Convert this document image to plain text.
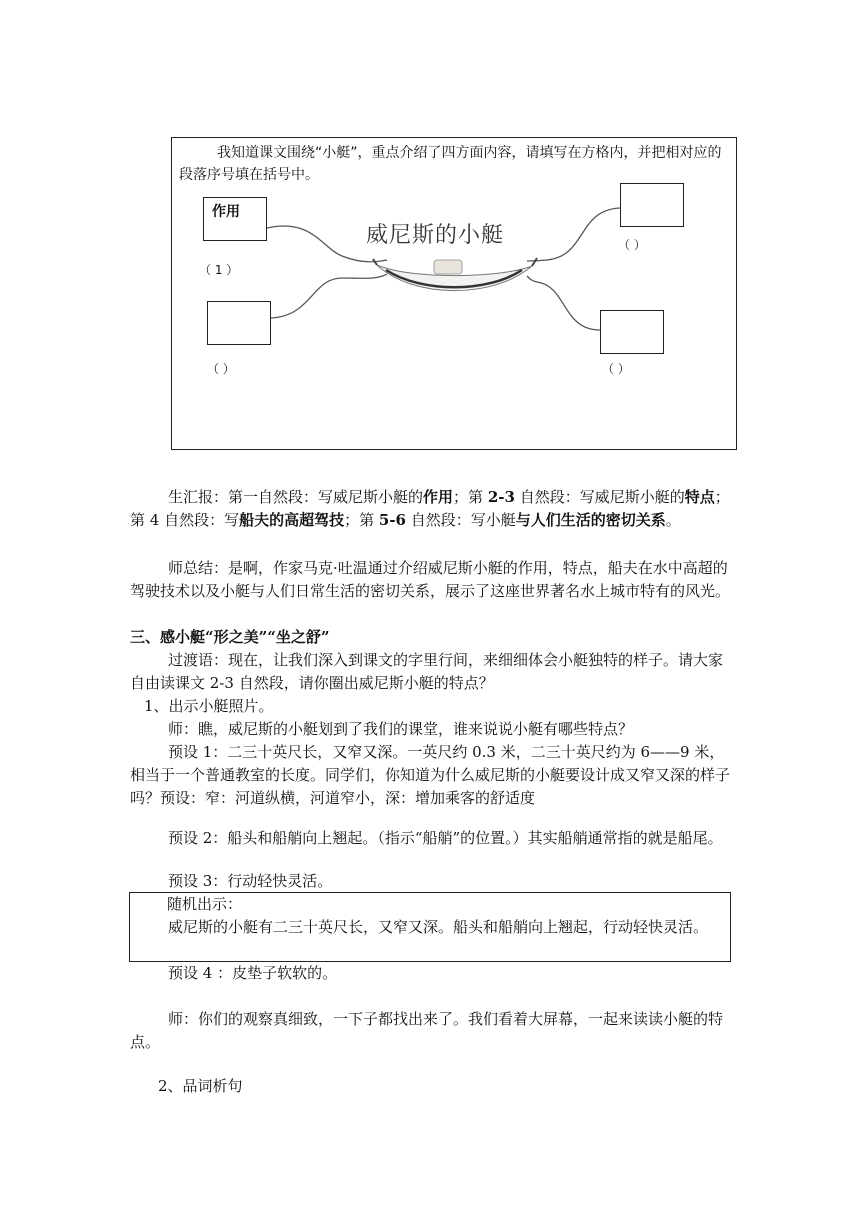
我知道课文围绕“小艇”，重点介绍了四方面内容，请填写在方格内，并把相对应的段落序号填在括号中。
威尼斯的小艇
作用
（ 1 ）
（ ）
（ ）
（ ）

生汇报：第一自然段：写威尼斯小艇的作用；第 2-3 自然段：写威尼斯小艇的特点；第 4 自然段：写船夫的高超驾技；第 5-6 自然段：写小艇与人们生活的密切关系。

师总结：是啊，作家马克·吐温通过介绍威尼斯小艇的作用，特点，船夫在水中高超的驾驶技术以及小艇与人们日常生活的密切关系，展示了这座世界著名水上城市特有的风光。

三、感小艇“形之美”“坐之舒”

过渡语：现在，让我们深入到课文的字里行间，来细细体会小艇独特的样子。请大家自由读课文 2-3 自然段，请你圈出威尼斯小艇的特点？

1、出示小艇照片。
师：瞧，威尼斯的小艇划到了我们的课堂，谁来说说小艇有哪些特点？

预设 1：二三十英尺长，又窄又深。一英尺约 0.3 米，二三十英尺约为 6——9 米，相当于一个普通教室的长度。同学们，你知道为什么威尼斯的小艇要设计成又窄又深的样子吗？预设：窄：河道纵横，河道窄小，深：增加乘客的舒适度

预设 2：船头和船艄向上翘起。（指示“船艄”的位置。）其实船艄通常指的就是船尾。

预设 3：行动轻快灵活。
随机出示：

威尼斯的小艇有二三十英尺长，又窄又深。船头和船艄向上翘起，行动轻快灵活。

预设 4 ：皮垫子软软的。

师：你们的观察真细致，一下子都找出来了。我们看着大屏幕，一起来读读小艇的特点。

2、品词析句
